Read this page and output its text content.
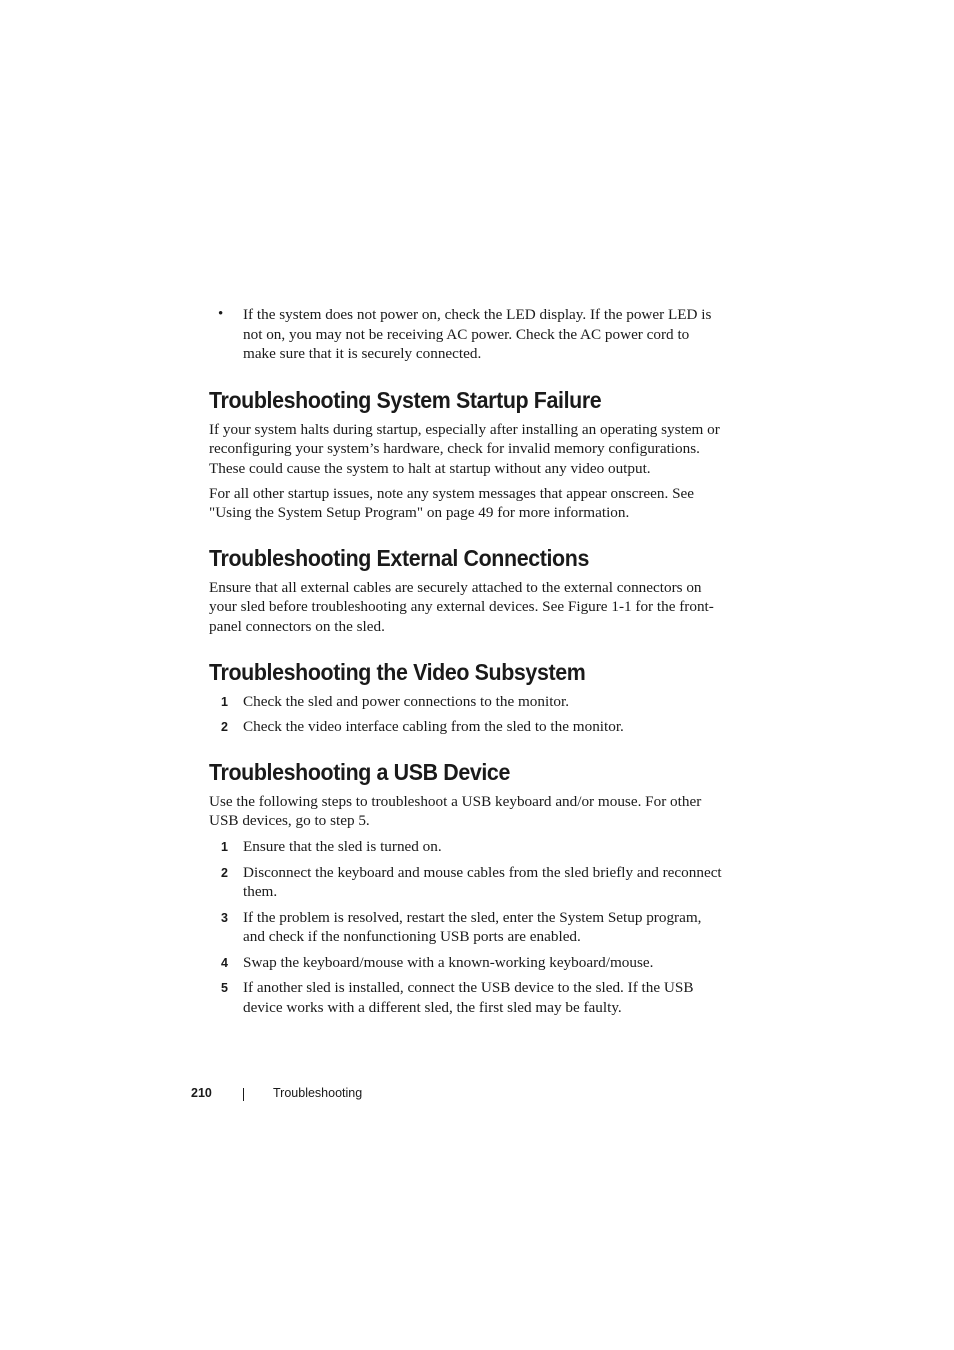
• If the system does not power on, check the LED display. If the power LED is not on, you may not be receiving AC power. Check the AC power cord to make sure that it is securely connected.

Troubleshooting System Startup Failure

If your system halts during startup, especially after installing an operating system or reconfiguring your system’s hardware, check for invalid memory configurations. These could cause the system to halt at startup without any video output.

For all other startup issues, note any system messages that appear onscreen. See "Using the System Setup Program" on page 49 for more information.

Troubleshooting External Connections

Ensure that all external cables are securely attached to the external connectors on your sled before troubleshooting any external devices. See Figure 1-1 for the front-panel connectors on the sled.

Troubleshooting the Video Subsystem
1 Check the sled and power connections to the monitor.

2 Check the video interface cabling from the sled to the monitor.

Troubleshooting a USB Device

Use the following steps to troubleshoot a USB keyboard and/or mouse. For other USB devices, go to step 5.

1 Ensure that the sled is turned on.

2 Disconnect the keyboard and mouse cables from the sled briefly and reconnect them.

3 If the problem is resolved, restart the sled, enter the System Setup program, and check if the nonfunctioning USB ports are enabled.

4 Swap the keyboard/mouse with a known-working keyboard/mouse.

5 If another sled is installed, connect the USB device to the sled. If the USB device works with a different sled, the first sled may be faulty.

210	Troubleshooting
